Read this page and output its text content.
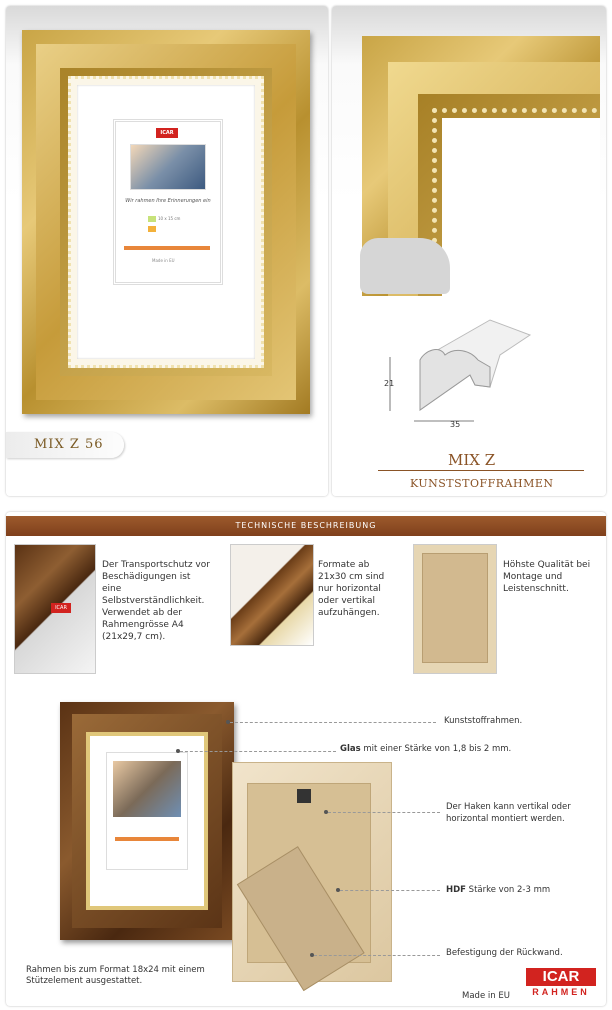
ICAR
Wir rahmen Ihre Erinnerungen ein
10 x 15 cm
Made in EU
MIX Z 56
21
35
MIX Z
KUNSTSTOFFRAHMEN
TECHNISCHE BESCHREIBUNG
ICAR
Der Transportschutz vor Beschädigungen ist eine Selbstverständlichkeit. Verwendet ab der Rahmengrösse A4 (21x29,7 cm).
Formate ab 21x30 cm sind nur horizontal oder vertikal aufzuhängen.
Höhste Qualität bei Montage und Leistenschnitt.
Kunststoffrahmen.
Glas mit einer Stärke von 1,8 bis 2 mm.
Der Haken kann vertikal oder horizontal montiert werden.
HDF Stärke von 2-3 mm
Befestigung der Rückwand.
Rahmen bis zum Format 18x24 mit einem Stützelement ausgestattet.
Made in EU
ICAR
RAHMEN
